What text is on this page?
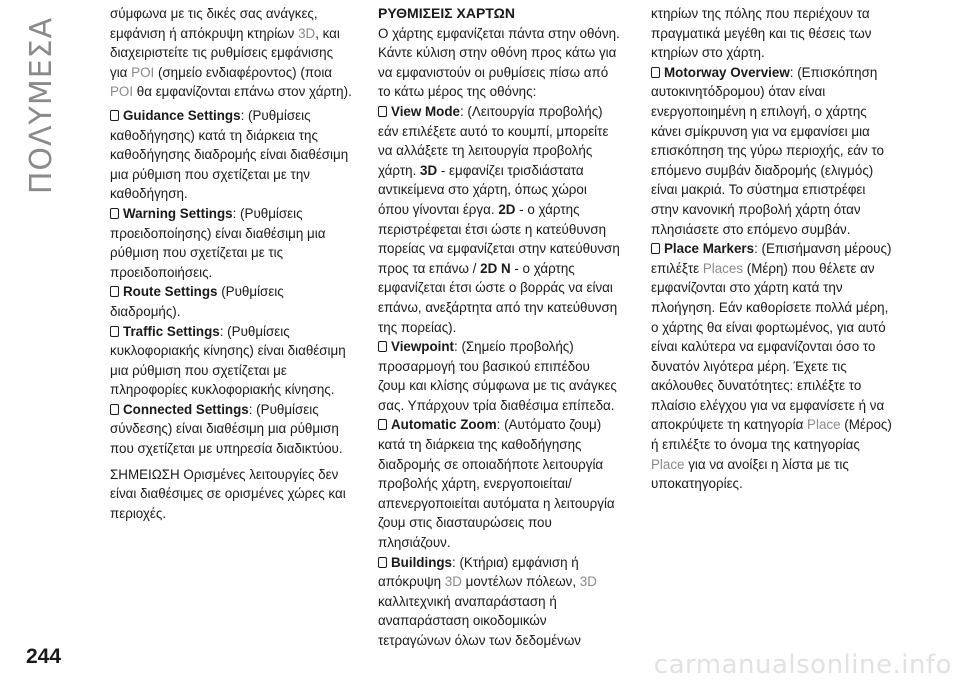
ΠΟΛΥΜΕΣΑ

σύμφωνα με τις δικές σας ανάγκες, εμφάνιση ή απόκρυψη κτηρίων 3D, και διαχειριστείτε τις ρυθμίσεις εμφάνισης για POI (σημείο ενδιαφέροντος) (ποια POI θα εμφανίζονται επάνω στον χάρτη).

Guidance Settings: (Ρυθμίσεις καθοδήγησης) κατά τη διάρκεια της καθοδήγησης διαδρομής είναι διαθέσιμη μια ρύθμιση που σχετίζεται με την καθοδήγηση.

Warning Settings: (Ρυθμίσεις προειδοποίησης) είναι διαθέσιμη μια ρύθμιση που σχετίζεται με τις προειδοποιήσεις.

Route Settings (Ρυθμίσεις διαδρομής).

Traffic Settings: (Ρυθμίσεις κυκλοφοριακής κίνησης) είναι διαθέσιμη μια ρύθμιση που σχετίζεται με πληροφορίες κυκλοφοριακής κίνησης.

Connected Settings: (Ρυθμίσεις σύνδεσης) είναι διαθέσιμη μια ρύθμιση που σχετίζεται με υπηρεσία διαδικτύου.

ΣΗΜΕΙΩΣΗ Ορισμένες λειτουργίες δεν είναι διαθέσιμες σε ορισμένες χώρες και περιοχές.

ΡΥΘΜΙΣΕΙΣ ΧΑΡΤΩΝ

Ο χάρτης εμφανίζεται πάντα στην οθόνη. Κάντε κύλιση στην οθόνη προς κάτω για να εμφανιστούν οι ρυθμίσεις πίσω από το κάτω μέρος της οθόνης:

View Mode: (Λειτουργία προβολής) εάν επιλέξετε αυτό το κουμπί, μπορείτε να αλλάξετε τη λειτουργία προβολής χάρτη. 3D - εμφανίζει τρισδιάστατα αντικείμενα στο χάρτη, όπως χώροι όπου γίνονται έργα. 2D - ο χάρτης περιστρέφεται έτσι ώστε η κατεύθυνση πορείας να εμφανίζεται στην κατεύθυνση προς τα επάνω / 2D N - ο χάρτης εμφανίζεται έτσι ώστε ο βορράς να είναι επάνω, ανεξάρτητα από την κατεύθυνση της πορείας).

Viewpoint: (Σημείο προβολής) προσαρμογή του βασικού επιπέδου ζουμ και κλίσης σύμφωνα με τις ανάγκες σας. Υπάρχουν τρία διαθέσιμα επίπεδα.

Automatic Zoom: (Αυτόματο ζουμ) κατά τη διάρκεια της καθοδήγησης διαδρομής σε οποιαδήποτε λειτουργία προβολής χάρτη, ενεργοποιείται/απενεργοποιείται αυτόματα η λειτουργία ζουμ στις διασταυρώσεις που πλησιάζουν.

Buildings: (Κτήρια) εμφάνιση ή απόκρυψη 3D μοντέλων πόλεων, 3D καλλιτεχνική αναπαράσταση ή αναπαράσταση οικοδομικών τετραγώνων όλων των δεδομένων

κτηρίων της πόλης που περιέχουν τα πραγματικά μεγέθη και τις θέσεις των κτηρίων στο χάρτη.

Motorway Overview: (Επισκόπηση αυτοκινητόδρομου) όταν είναι ενεργοποιημένη η επιλογή, ο χάρτης κάνει σμίκρυνση για να εμφανίσει μια επισκόπηση της γύρω περιοχής, εάν το επόμενο συμβάν διαδρομής (ελιγμός) είναι μακριά. Το σύστημα επιστρέφει στην κανονική προβολή χάρτη όταν πλησιάσετε στο επόμενο συμβάν.

Place Markers: (Επισήμανση μέρους) επιλέξτε Places (Μέρη) που θέλετε αν εμφανίζονται στο χάρτη κατά την πλοήγηση. Εάν καθορίσετε πολλά μέρη, ο χάρτης θα είναι φορτωμένος, για αυτό είναι καλύτερα να εμφανίζονται όσο το δυνατόν λιγότερα μέρη. Έχετε τις ακόλουθες δυνατότητες: επιλέξτε το πλαίσιο ελέγχου για να εμφανίσετε ή να αποκρύψετε τη κατηγορία Place (Μέρος) ή επιλέξτε το όνομα της κατηγορίας Place για να ανοίξει η λίστα με τις υποκατηγορίες.

244	carmanualsonline.info
